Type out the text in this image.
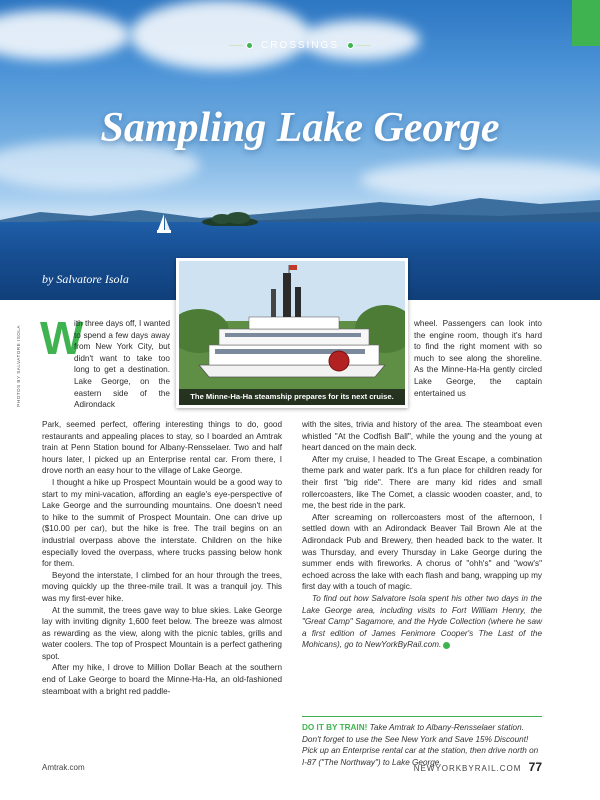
CROSSINGS
Sampling Lake George
by Salvatore Isola
The Minne-Ha-Ha steamship prepares for its next cruise.
PHOTOS BY SALVATORE ISOLA W

ith three days off, I wanted to spend a few days away from New York City, but didn't want to take too long to get a destination. Lake George, on the eastern side of the Adirondack

Park, seemed perfect, offering interesting things to do, good restaurants and appealing places to stay, so I boarded an Amtrak train at Penn Station bound for Albany-Rensselaer. Two and half hours later, I picked up an Enterprise rental car. From there, I drove north an easy hour to the village of Lake George.

I thought a hike up Prospect Mountain would be a good way to start to my mini-vacation, affording an eagle's eye-perspective of Lake George and the surrounding mountains. One doesn't need to hike to the summit of Prospect Mountain. One can drive up ($10.00 per car), but the hike is free. The trail begins on an industrial overpass above the interstate. Children on the hike especially loved the overpass, where trucks passing below honk for them.

Beyond the interstate, I climbed for an hour through the trees, moving quickly up the three-mile trail. It was a tranquil joy. This was my first-ever hike.

At the summit, the trees gave way to blue skies. Lake George lay with inviting dignity 1,600 feet below. The breeze was almost as rewarding as the view, along with the picnic tables, grills and water coolers. The top of Prospect Mountain is a perfect gathering spot.

After my hike, I drove to Million Dollar Beach at the southern end of Lake George to board the Minne-Ha-Ha, an old-fashioned steamboat with a bright red paddle-

wheel. Passengers can look into the engine room, though it's hard to find the right moment with so much to see along the shoreline. As the Minne-Ha-Ha gently circled Lake George, the captain entertained us

with the sites, trivia and history of the area. The steamboat even whistled "At the Codfish Ball", while the young and the young at heart danced on the main deck.

After my cruise, I headed to The Great Escape, a combination theme park and water park. It's a fun place for children ready for their first "big ride". There are many kid rides and small rollercoasters, like The Comet, a classic wooden coaster, and, to me, the best ride in the park.

After screaming on rollercoasters most of the afternoon, I settled down with an Adirondack Beaver Tail Brown Ale at the Adirondack Pub and Brewery, then headed back to the water. It was Thursday, and every Thursday in Lake George during the summer ends with fireworks. A chorus of "ohh's" and "wow's" echoed across the lake with each flash and bang, wrapping up my first day with a touch of magic.

To find out how Salvatore Isola spent his other two days in the Lake George area, including visits to Fort William Henry, the "Great Camp" Sagamore, and the Hyde Collection (where he saw a first edition of James Fenimore Cooper's The Last of the Mohicans), go to NewYorkByRail.com.

DO IT BY TRAIN! Take Amtrak to Albany-Rensselaer station. Don't forget to use the See New York and Save 15% Discount! Pick up an Enterprise rental car at the station, then drive north on I-87 ("The Northway") to Lake George.
Amtrak.com	NEWYORKBYRAIL.COM 77
